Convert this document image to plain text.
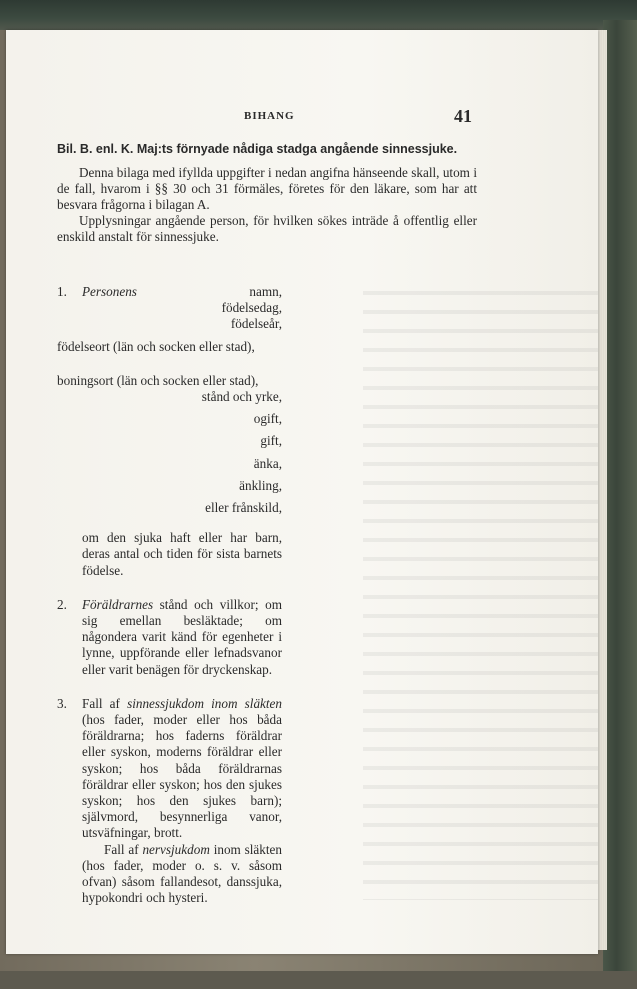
BIHANG	41
Bil. B. enl. K. Maj:ts förnyade nådiga stadga angående sinnessjuke.

Denna bilaga med ifyllda uppgifter i nedan angifna hänseende skall, utom i de fall, hvarom i §§ 30 och 31 förmäles, företes för den läkare, som har att besvara frågorna i bilagan A.

Upplysningar angående person, för hvilken sökes inträde å offentlig eller enskild anstalt för sinnessjuke.

1.	Personens	namn,
födelsedag,
födelseår,
födelseort (län och socken eller stad),
boningsort (län och socken eller stad),
stånd och yrke,
ogift,
gift,
änka,
änkling,
eller frånskild,
om den sjuka haft eller har barn, deras antal och tiden för sista barnets födelse.
2.	Föräldrarnes stånd och villkor; om sig emellan besläktade; om någondera varit känd för egenheter i lynne, uppförande eller lefnadsvanor eller varit benägen för dryckenskap.
3.	Fall af sinnessjukdom inom släkten (hos fader, moder eller hos båda föräldrarna; hos faderns föräldrar eller syskon, moderns föräldrar eller syskon; hos båda föräldrarnas föräldrar eller syskon; hos den sjukes syskon; hos den sjukes barn); självmord, besynnerliga vanor, utsväfningar, brott.
Fall af nervsjukdom inom släkten (hos fader, moder o. s. v. såsom ofvan) såsom fallandesot, danssjuka, hypokondri och hysteri.
